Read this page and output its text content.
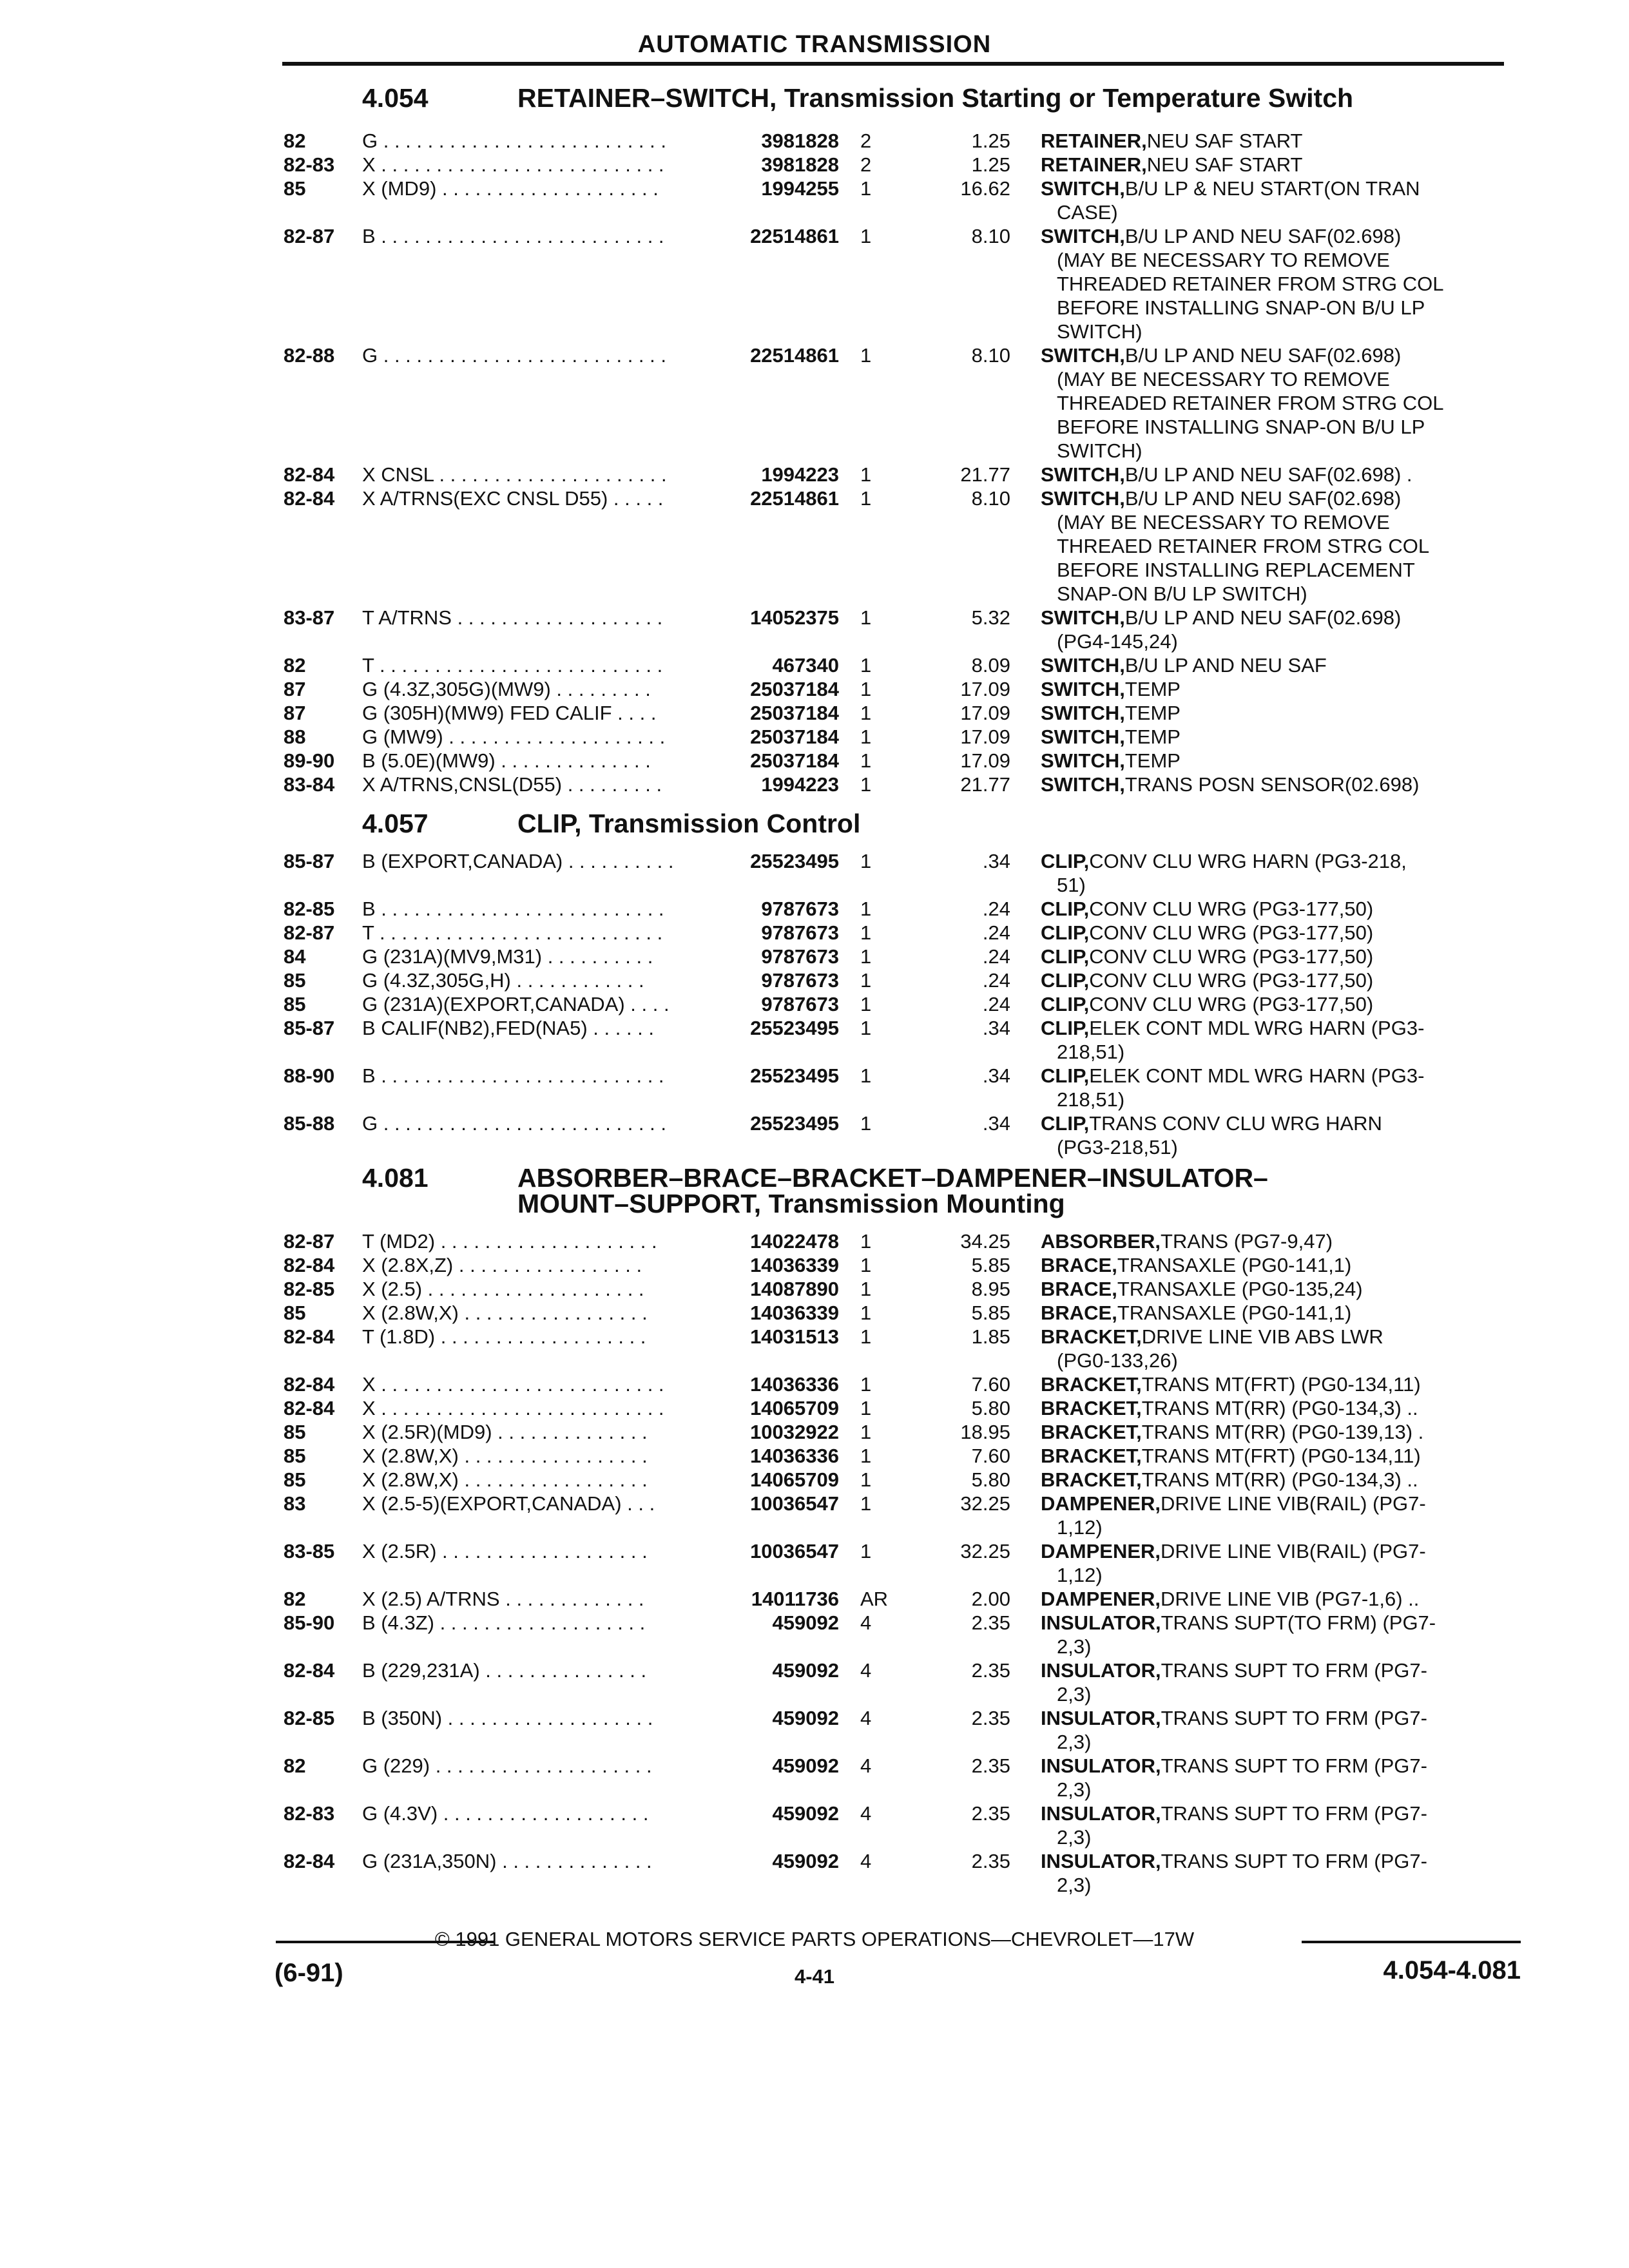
AUTOMATIC TRANSMISSION
4.054	RETAINER–SWITCH, Transmission Starting or Temperature Switch
82	G . . . . . . . . . . . . . . . . . . . . . . . . . .	3981828 2	1.25 RETAINER, NEU SAF START
82-83 X . . . . . . . . . . . . . . . . . . . . . . . . . .	3981828 2	1.25 RETAINER, NEU SAF START
85	X (MD9) . . . . . . . . . . . . . . . . . . . .	1994255 1	16.62 SWITCH, B/U LP & NEU START(ON TRAN
CASE)
82-87 B . . . . . . . . . . . . . . . . . . . . . . . . . .	22514861 1	8.10 SWITCH, B/U LP AND NEU SAF(02.698)
(MAY BE NECESSARY TO REMOVE
THREADED RETAINER FROM STRG COL
BEFORE INSTALLING SNAP-ON B/U LP
SWITCH)
82-88 G . . . . . . . . . . . . . . . . . . . . . . . . . .	22514861 1	8.10 SWITCH, B/U LP AND NEU SAF(02.698)
(MAY BE NECESSARY TO REMOVE
THREADED RETAINER FROM STRG COL
BEFORE INSTALLING SNAP-ON B/U LP
SWITCH)
82-84 X CNSL . . . . . . . . . . . . . . . . . . . . .	1994223 1	21.77 SWITCH, B/U LP AND NEU SAF(02.698) .
82-84 X A/TRNS(EXC CNSL D55) . . . . .	22514861 1	8.10 SWITCH, B/U LP AND NEU SAF(02.698)
(MAY BE NECESSARY TO REMOVE
THREAED RETAINER FROM STRG COL
BEFORE INSTALLING REPLACEMENT
SNAP-ON B/U LP SWITCH)
83-87 T A/TRNS . . . . . . . . . . . . . . . . . . .	14052375 1	5.32 SWITCH, B/U LP AND NEU SAF(02.698)
(PG4-145,24)
82	T . . . . . . . . . . . . . . . . . . . . . . . . . .	467340 1	8.09 SWITCH, B/U LP AND NEU SAF
87	G (4.3Z,305G)(MW9) . . . . . . . . .	25037184 1	17.09 SWITCH, TEMP
87	G (305H)(MW9) FED CALIF . . . .	25037184 1	17.09 SWITCH, TEMP
88	G (MW9) . . . . . . . . . . . . . . . . . . . .	25037184 1	17.09 SWITCH, TEMP
89-90 B (5.0E)(MW9) . . . . . . . . . . . . . .	25037184 1	17.09 SWITCH, TEMP
83-84 X A/TRNS,CNSL(D55) . . . . . . . . .	1994223 1	21.77 SWITCH, TRANS POSN SENSOR(02.698)
4.057	CLIP, Transmission Control
85-87 B (EXPORT,CANADA) . . . . . . . . . .	25523495 1	.34 CLIP, CONV CLU WRG HARN (PG3-218,
51)
82-85 B . . . . . . . . . . . . . . . . . . . . . . . . . .	9787673 1	.24 CLIP, CONV CLU WRG (PG3-177,50)
82-87 T . . . . . . . . . . . . . . . . . . . . . . . . . .	9787673 1	.24 CLIP, CONV CLU WRG (PG3-177,50)
84	G (231A)(MV9,M31) . . . . . . . . . .	9787673 1	.24 CLIP, CONV CLU WRG (PG3-177,50)
85	G (4.3Z,305G,H) . . . . . . . . . . . .	9787673 1	.24 CLIP, CONV CLU WRG (PG3-177,50)
85	G (231A)(EXPORT,CANADA) . . . .	9787673 1	.24 CLIP, CONV CLU WRG (PG3-177,50)
85-87 B CALIF(NB2),FED(NA5) . . . . . .	25523495 1	.34 CLIP, ELEK CONT MDL WRG HARN (PG3-
218,51)
88-90 B . . . . . . . . . . . . . . . . . . . . . . . . . .	25523495 1	.34 CLIP, ELEK CONT MDL WRG HARN (PG3-
218,51)
85-88 G . . . . . . . . . . . . . . . . . . . . . . . . . .	25523495 1	.34 CLIP, TRANS CONV CLU WRG HARN
(PG3-218,51)
4.081	ABSORBER–BRACE–BRACKET–DAMPENER–INSULATOR–
MOUNT–SUPPORT, Transmission Mounting
82-87 T (MD2) . . . . . . . . . . . . . . . . . . . .	14022478 1	34.25 ABSORBER, TRANS (PG7-9,47)
82-84 X (2.8X,Z) . . . . . . . . . . . . . . . . .	14036339 1	5.85 BRACE, TRANSAXLE (PG0-141,1)
82-85 X (2.5) . . . . . . . . . . . . . . . . . . . .	14087890 1	8.95 BRACE, TRANSAXLE (PG0-135,24)
85	X (2.8W,X) . . . . . . . . . . . . . . . . .	14036339 1	5.85 BRACE, TRANSAXLE (PG0-141,1)
82-84 T (1.8D) . . . . . . . . . . . . . . . . . . .	14031513 1	1.85 BRACKET, DRIVE LINE VIB ABS LWR
(PG0-133,26)
82-84 X . . . . . . . . . . . . . . . . . . . . . . . . . .	14036336 1	7.60 BRACKET, TRANS MT(FRT) (PG0-134,11)
82-84 X . . . . . . . . . . . . . . . . . . . . . . . . . .	14065709 1	5.80 BRACKET, TRANS MT(RR) (PG0-134,3) ..
85	X (2.5R)(MD9) . . . . . . . . . . . . . .	10032922 1	18.95 BRACKET, TRANS MT(RR) (PG0-139,13) .
85	X (2.8W,X) . . . . . . . . . . . . . . . . .	14036336 1	7.60 BRACKET, TRANS MT(FRT) (PG0-134,11)
85	X (2.8W,X) . . . . . . . . . . . . . . . . .	14065709 1	5.80 BRACKET, TRANS MT(RR) (PG0-134,3) ..
83	X (2.5-5)(EXPORT,CANADA) . . .	10036547 1	32.25 DAMPENER, DRIVE LINE VIB(RAIL) (PG7-
1,12)
83-85 X (2.5R) . . . . . . . . . . . . . . . . . . .	10036547 1	32.25 DAMPENER, DRIVE LINE VIB(RAIL) (PG7-
1,12)
82	X (2.5) A/TRNS . . . . . . . . . . . . .	14011736 AR	2.00 DAMPENER, DRIVE LINE VIB (PG7-1,6) ..
85-90 B (4.3Z) . . . . . . . . . . . . . . . . . . .	459092 4	2.35 INSULATOR, TRANS SUPT(TO FRM) (PG7-
2,3)
82-84 B (229,231A) . . . . . . . . . . . . . . .	459092 4	2.35 INSULATOR, TRANS SUPT TO FRM (PG7-
2,3)
82-85 B (350N) . . . . . . . . . . . . . . . . . . .	459092 4	2.35 INSULATOR, TRANS SUPT TO FRM (PG7-
2,3)
82	G (229) . . . . . . . . . . . . . . . . . . . .	459092 4	2.35 INSULATOR, TRANS SUPT TO FRM (PG7-
2,3)
82-83 G (4.3V) . . . . . . . . . . . . . . . . . . .	459092 4	2.35 INSULATOR, TRANS SUPT TO FRM (PG7-
2,3)
82-84 G (231A,350N) . . . . . . . . . . . . . .	459092 4	2.35 INSULATOR, TRANS SUPT TO FRM (PG7-
2,3)
© 1991 GENERAL MOTORS SERVICE PARTS OPERATIONS—CHEVROLET—17W
(6-91)	4-41	4.054-4.081
